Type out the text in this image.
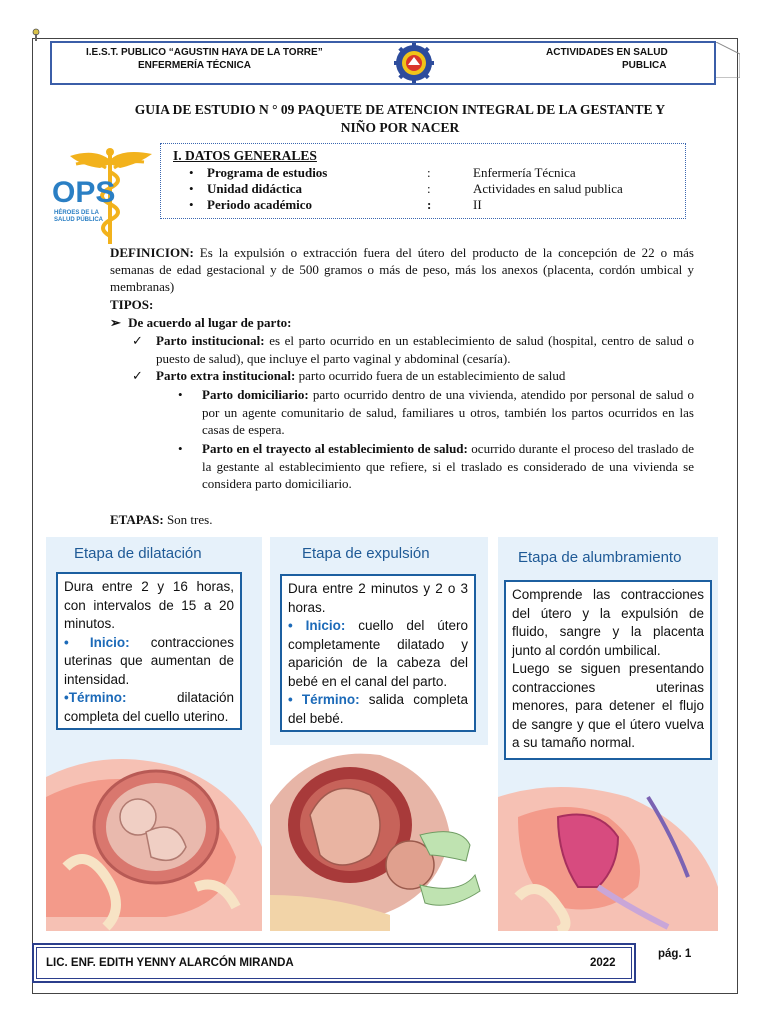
I.E.S.T. PUBLICO “AGUSTIN HAYA DE LA TORRE”
ENFERMERÍA TÉCNICA
ACTIVIDADES EN SALUD
PUBLICA
GUIA DE ESTUDIO N ° 09 PAQUETE DE ATENCION INTEGRAL DE LA GESTANTE Y
NIÑO POR NACER
OPS
HÉROES DE LA
SALUD PÚBLICA
I. DATOS GENERALES
• Programa de estudios	:	Enfermería Técnica
• Unidad didáctica	:	Actividades en salud publica
• Periodo académico	:	II
DEFINICION: Es la expulsión o extracción fuera del útero del producto de la concepción de 22 o más semanas de edad gestacional y de 500 gramos o más de peso, más los anexos (placenta, cordón umbical y membranas)
TIPOS:
➢ De acuerdo al lugar de parto:
✓ Parto institucional: es el parto ocurrido en un establecimiento de salud (hospital, centro de salud o puesto de salud), que incluye el parto vaginal y abdominal (cesaría).
✓ Parto extra institucional: parto ocurrido fuera de un establecimiento de salud
• Parto domiciliario: parto ocurrido dentro de una vivienda, atendido por personal de salud o por un agente comunitario de salud, familiares u otros, también los partos ocurridos en las casas de espera.
• Parto en el trayecto al establecimiento de salud: ocurrido durante el proceso del traslado de la gestante al establecimiento que refiere, si el traslado es considerado de una vivienda se considera parto domiciliario.
ETAPAS: Son tres.
Etapa de dilatación
Dura entre 2 y 16 horas, con intervalos de 15 a 20 minutos.
• Inicio: contracciones uterinas que aumentan de intensidad.
•Término: dilatación completa del cuello uterino.
Etapa de expulsión
Dura entre 2 minutos y 2 o 3 horas.
• Inicio: cuello del útero completamente dilatado y aparición de la cabeza del bebé en el canal del parto.
• Término: salida completa del bebé.
Etapa de alumbramiento
Comprende las contracciones del útero y la expulsión de fluido, sangre y la placenta junto al cordón umbilical.
Luego se siguen presentando contracciones uterinas menores, para detener el flujo de sangre y que el útero vuelva a su tamaño normal.
LIC. ENF. EDITH YENNY ALARCÓN MIRANDA	2022
pág. 1
